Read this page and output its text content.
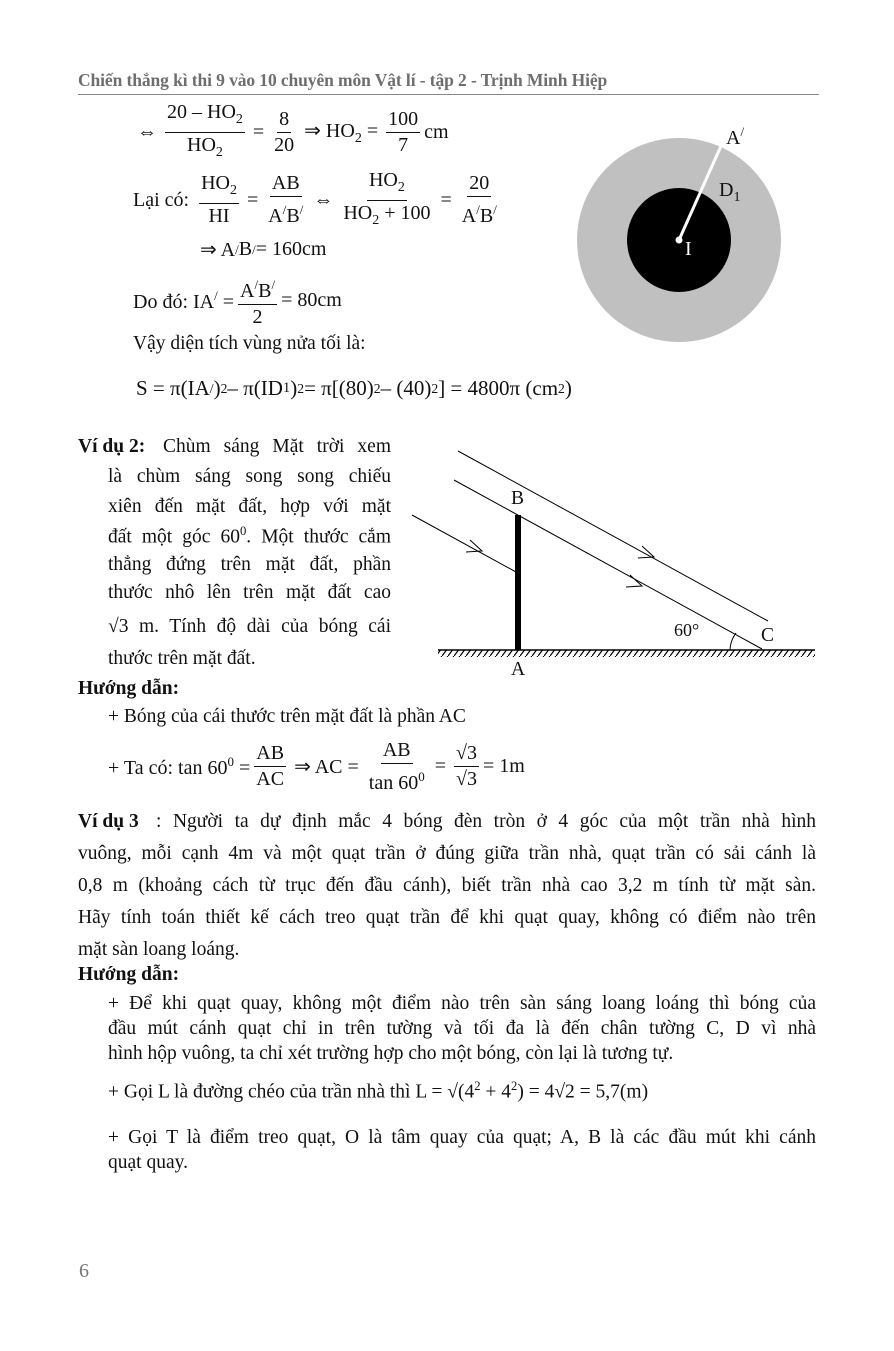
Chiến thắng kì thi 9 vào 10 chuyên môn Vật lí - tập 2 - Trịnh Minh Hiệp
⇔ $\frac{20 - HO_2}{HO_2} = \frac{8}{20}$ ⇒ $HO_2 = \frac{100}{7}$ cm
Lại có: $\frac{HO_2}{HI} = \frac{AB}{A^/B^/}$ ⇔ $\frac{HO_2}{HO_2 + 100} = \frac{20}{A^/B^/}$
⇒ A / B / = 160cm
Do đó: $IA^/ = \frac{A^/B^/}{2} = 80cm$
Vậy diện tích vùng nửa tối là:
S = π(IA / ) 2 – π(ID 1 ) 2 = π[(80) 2 – (40) 2 ] = 4800π (cm 2 )
A/
$D_1$
I
Ví dụ 2: Chùm sáng Mặt trời xem
là chùm sáng song song chiếu
xiên đến mặt đất, hợp với mặt
đất một góc $60^0$. Một thước cắm
thẳng đứng trên mặt đất, phần
thước nhô lên trên mặt đất cao
√3 m. Tính độ dài của bóng cái
thước trên mặt đất.
B
A
C
60°
Hướng dẫn:
+ Bóng của cái thước trên mặt đất là phần AC
+ Ta có: $\tan 60^0 = \frac{AB}{AC}$ ⇒ AC = $\frac{AB}{\tan 60^0} = \frac{√3}{√3} = 1m$
Ví dụ 3 : Người ta dự định mắc 4 bóng đèn tròn ở 4 góc của một trần nhà hình
vuông, mỗi cạnh 4m và một quạt trần ở đúng giữa trần nhà, quạt trần có sải cánh là
0,8 m (khoảng cách từ trục đến đầu cánh), biết trần nhà cao 3,2 m tính từ mặt sàn.
Hãy tính toán thiết kế cách treo quạt trần để khi quạt quay, không có điểm nào trên
mặt sàn loang loáng.
Hướng dẫn:
+ Để khi quạt quay, không một điểm nào trên sàn sáng loang loáng thì bóng của
đầu mút cánh quạt chỉ in trên tường và tối đa là đến chân tường C, D vì nhà
hình hộp vuông, ta chỉ xét trường hợp cho một bóng, còn lại là tương tự.
+ Gọi L là đường chéo của trần nhà thì $L = √(4^2 + 4^2) = 4√2 = 5,7(m)$
+ Gọi T là điểm treo quạt, O là tâm quay của quạt; A, B là các đầu mút khi cánh
quạt quay.
6
